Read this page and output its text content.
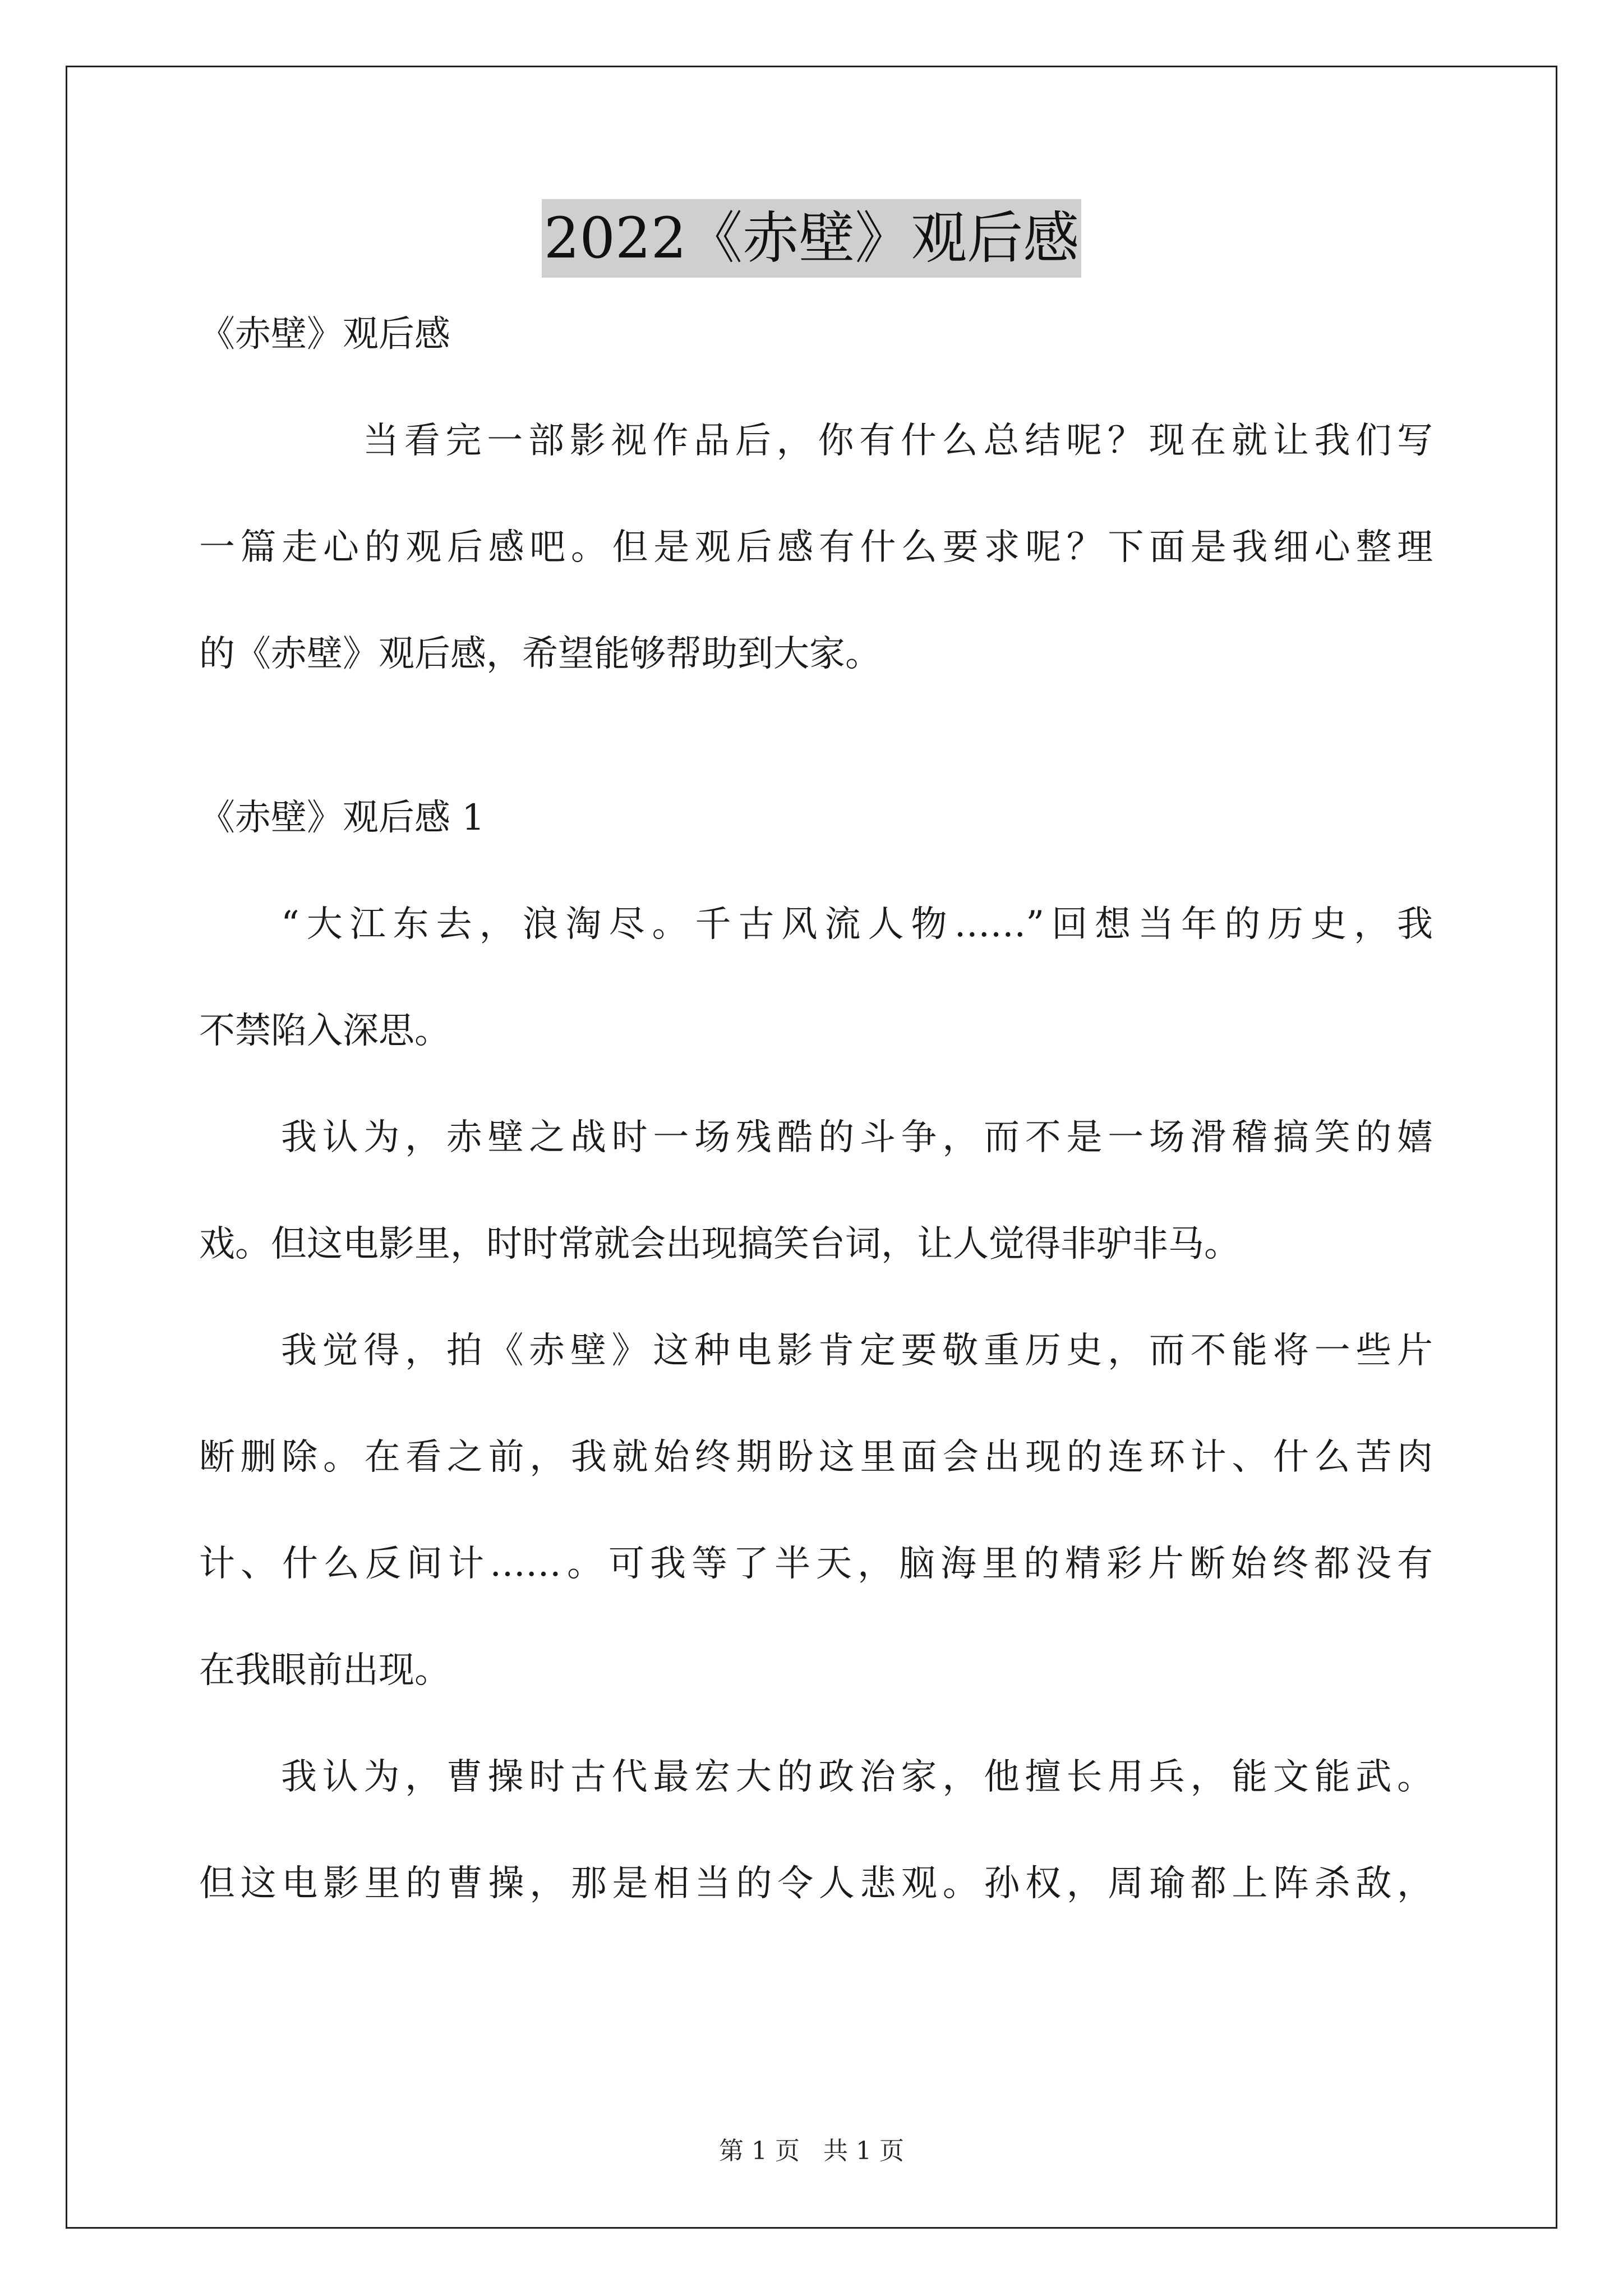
2022《赤壁》观后感
《赤壁》观后感
当看完一部影视作品后，你有什么总结呢？现在就让我们写
一篇走心的观后感吧。但是观后感有什么要求呢？下面是我细心整理
的《赤壁》观后感，希望能够帮助到大家。
《赤壁》观后感 1
“大江东去，浪淘尽。千古风流人物……”回想当年的历史，我
不禁陷入深思。
我认为，赤壁之战时一场残酷的斗争，而不是一场滑稽搞笑的嬉
戏。但这电影里，时时常就会出现搞笑台词，让人觉得非驴非马。
我觉得，拍《赤壁》这种电影肯定要敬重历史，而不能将一些片
断删除。在看之前，我就始终期盼这里面会出现的连环计、什么苦肉
计、什么反间计……。可我等了半天，脑海里的精彩片断始终都没有
在我眼前出现。
我认为，曹操时古代最宏大的政治家，他擅长用兵，能文能武。
但这电影里的曹操，那是相当的令人悲观。孙权，周瑜都上阵杀敌，
第 1 页   共 1 页
